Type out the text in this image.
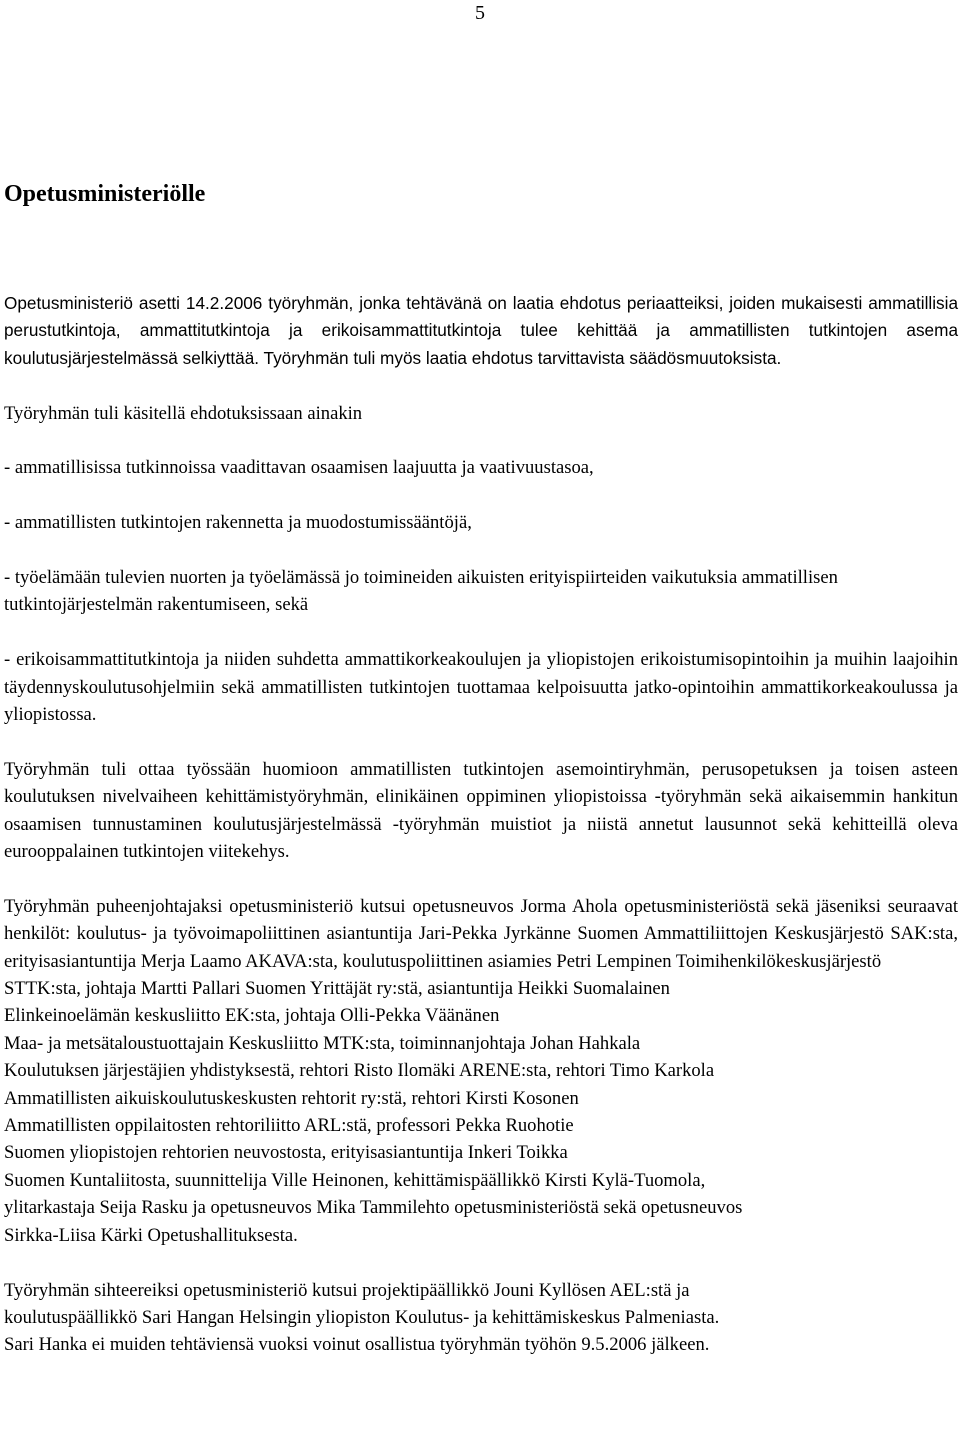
5
Opetusministeriölle

Opetusministeriö asetti 14.2.2006 työryhmän, jonka tehtävänä on laatia ehdotus periaatteiksi, joiden mukaisesti ammatillisia perustutkintoja, ammattitutkintoja ja erikoisammattitutkintoja tulee kehittää ja ammatillisten tutkintojen asema koulutusjärjestelmässä selkiyttää. Työryhmän tuli myös laatia ehdotus tarvittavista säädösmuutoksista.

Työryhmän tuli käsitellä ehdotuksissaan ainakin

- ammatillisissa tutkinnoissa vaadittavan osaamisen laajuutta ja vaativuustasoa,

- ammatillisten tutkintojen rakennetta ja muodostumissääntöjä,

- työelämään tulevien nuorten ja työelämässä jo toimineiden aikuisten erityispiirteiden vaikutuksia ammatillisen tutkintojärjestelmän rakentumiseen, sekä

- erikoisammattitutkintoja ja niiden suhdetta ammattikorkeakoulujen ja yliopistojen erikoistumisopintoihin ja muihin laajoihin täydennyskoulutusohjelmiin sekä ammatillisten tutkintojen tuottamaa kelpoisuutta jatko-opintoihin ammattikorkeakoulussa ja yliopistossa.

Työryhmän tuli ottaa työssään huomioon ammatillisten tutkintojen asemointiryhmän, perusopetuksen ja toisen asteen koulutuksen nivelvaiheen kehittämistyöryhmän, elinikäinen oppiminen yliopistoissa -työryhmän sekä aikaisemmin hankitun osaamisen tunnustaminen koulutusjärjestelmässä -työryhmän muistiot ja niistä annetut lausunnot sekä kehitteillä oleva eurooppalainen tutkintojen viitekehys.

Työryhmän puheenjohtajaksi opetusministeriö kutsui opetusneuvos Jorma Ahola opetusministeriöstä sekä jäseniksi seuraavat henkilöt: koulutus- ja työvoimapoliittinen asiantuntija Jari-Pekka Jyrkänne Suomen Ammattiliittojen Keskusjärjestö SAK:sta, erityisasiantuntija Merja Laamo AKAVA:sta, koulutuspoliittinen asiamies Petri Lempinen Toimihenkilökeskusjärjestö

STTK:sta, johtaja Martti Pallari Suomen Yrittäjät ry:stä, asiantuntija Heikki Suomalainen

Elinkeinoelämän keskusliitto EK:sta, johtaja Olli-Pekka Väänänen

Maa- ja metsätaloustuottajain Keskusliitto MTK:sta, toiminnanjohtaja Johan Hahkala

Koulutuksen järjestäjien yhdistyksestä, rehtori Risto Ilomäki ARENE:sta, rehtori Timo Karkola

Ammatillisten aikuiskoulutuskeskusten rehtorit ry:stä, rehtori Kirsti Kosonen

Ammatillisten oppilaitosten rehtoriliitto ARL:stä, professori Pekka Ruohotie

Suomen yliopistojen rehtorien neuvostosta, erityisasiantuntija Inkeri Toikka

Suomen Kuntaliitosta, suunnittelija Ville Heinonen, kehittämispäällikkö Kirsti Kylä-Tuomola,

ylitarkastaja Seija Rasku ja opetusneuvos Mika Tammilehto opetusministeriöstä sekä opetusneuvos

Sirkka-Liisa Kärki Opetushallituksesta.

Työryhmän sihteereiksi opetusministeriö kutsui projektipäällikkö Jouni Kyllösen AEL:stä ja

koulutuspäällikkö Sari Hangan Helsingin yliopiston Koulutus- ja kehittämiskeskus Palmeniasta.

Sari Hanka ei muiden tehtäviensä vuoksi voinut osallistua työryhmän työhön 9.5.2006 jälkeen.
